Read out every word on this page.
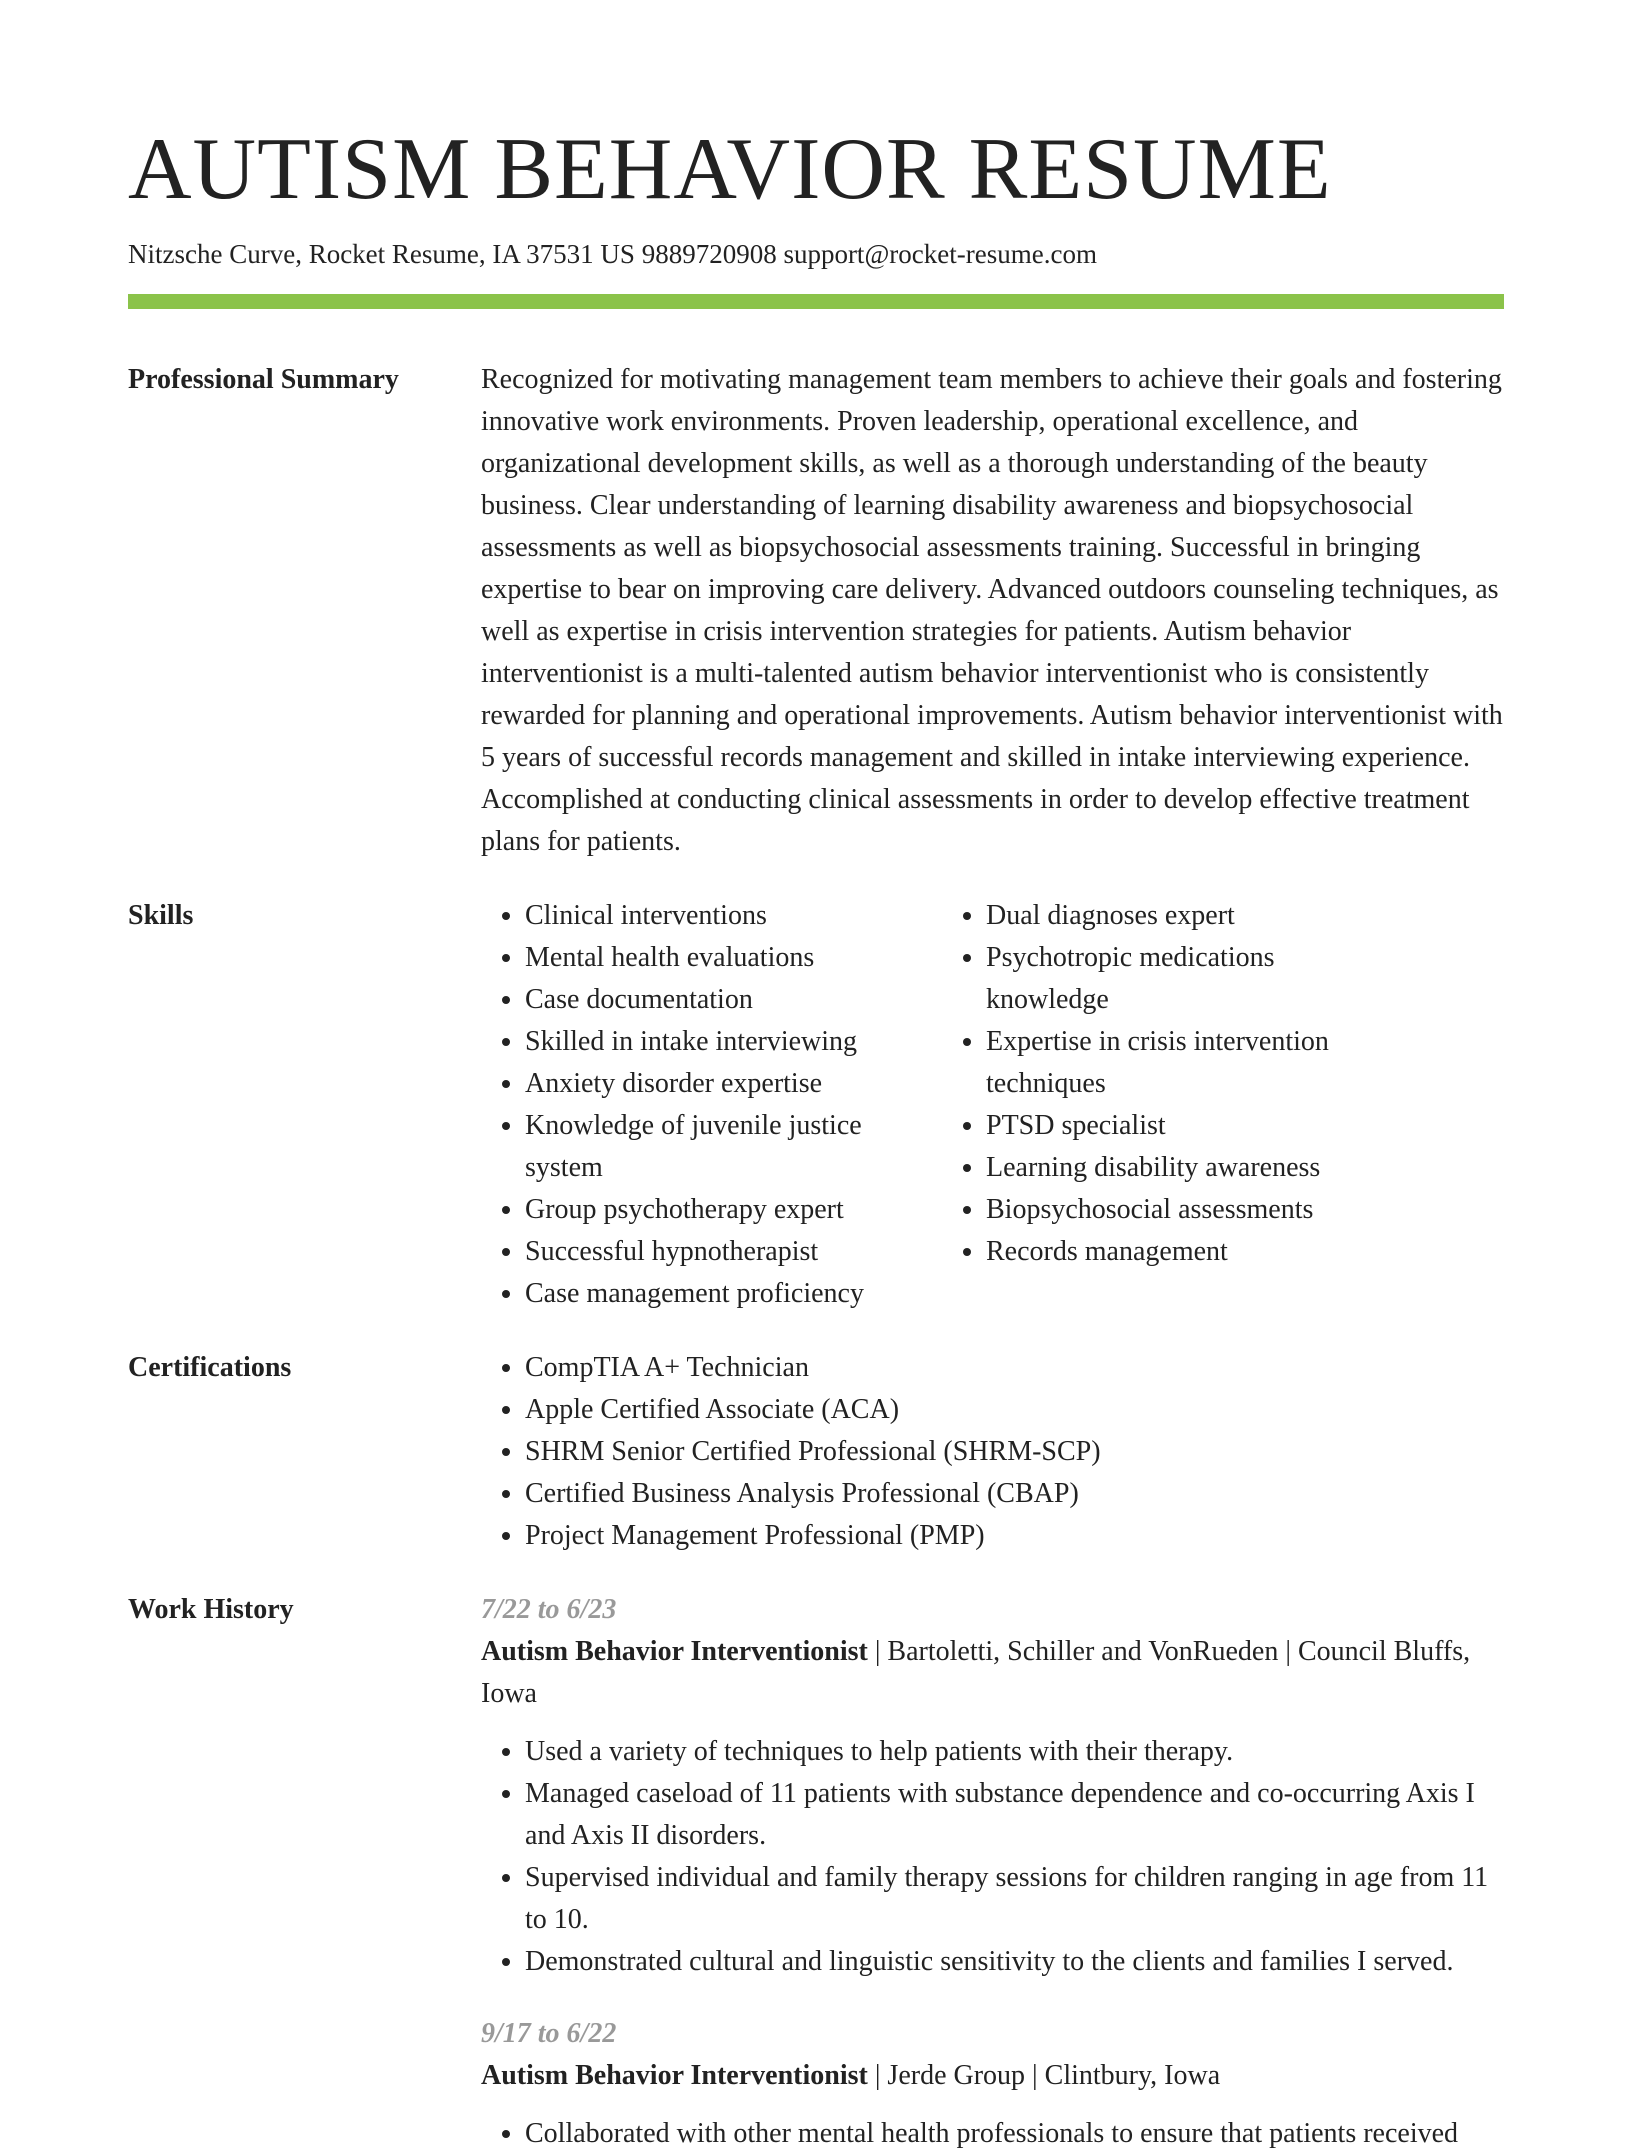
AUTISM BEHAVIOR RESUME
Nitzsche Curve, Rocket Resume, IA 37531 US 9889720908 support@rocket-resume.com
Professional Summary	Recognized for motivating management team members to achieve their goals and fostering innovative work environments. Proven leadership, operational excellence, and organizational development skills, as well as a thorough understanding of the beauty business. Clear understanding of learning disability awareness and biopsychosocial assessments as well as biopsychosocial assessments training. Successful in bringing expertise to bear on improving care delivery. Advanced outdoors counseling techniques, as well as expertise in crisis intervention strategies for patients. Autism behavior interventionist is a multi-talented autism behavior interventionist who is consistently rewarded for planning and operational improvements. Autism behavior interventionist with 5 years of successful records management and skilled in intake interviewing experience. Accomplished at conducting clinical assessments in order to develop effective treatment plans for patients.
Skills	• Clinical interventions
• Mental health evaluations
• Case documentation
• Skilled in intake interviewing
• Anxiety disorder expertise
• Knowledge of juvenile justice system
• Group psychotherapy expert
• Successful hypnotherapist
• Case management proficiency
• Dual diagnoses expert
• Psychotropic medications knowledge
• Expertise in crisis intervention techniques
• PTSD specialist
• Learning disability awareness
• Biopsychosocial assessments
• Records management
Certifications	• CompTIA A+ Technician
• Apple Certified Associate (ACA)
• SHRM Senior Certified Professional (SHRM-SCP)
• Certified Business Analysis Professional (CBAP)
• Project Management Professional (PMP)
Work History	7/22 to 6/23
Autism Behavior Interventionist | Bartoletti, Schiller and VonRueden | Council Bluffs, Iowa
• Used a variety of techniques to help patients with their therapy.
• Managed caseload of 11 patients with substance dependence and co-occurring Axis I and Axis II disorders.
• Supervised individual and family therapy sessions for children ranging in age from 11 to 10.
• Demonstrated cultural and linguistic sensitivity to the clients and families I served.
9/17 to 6/22
Autism Behavior Interventionist | Jerde Group | Clintbury, Iowa
• Collaborated with other mental health professionals to ensure that patients received
